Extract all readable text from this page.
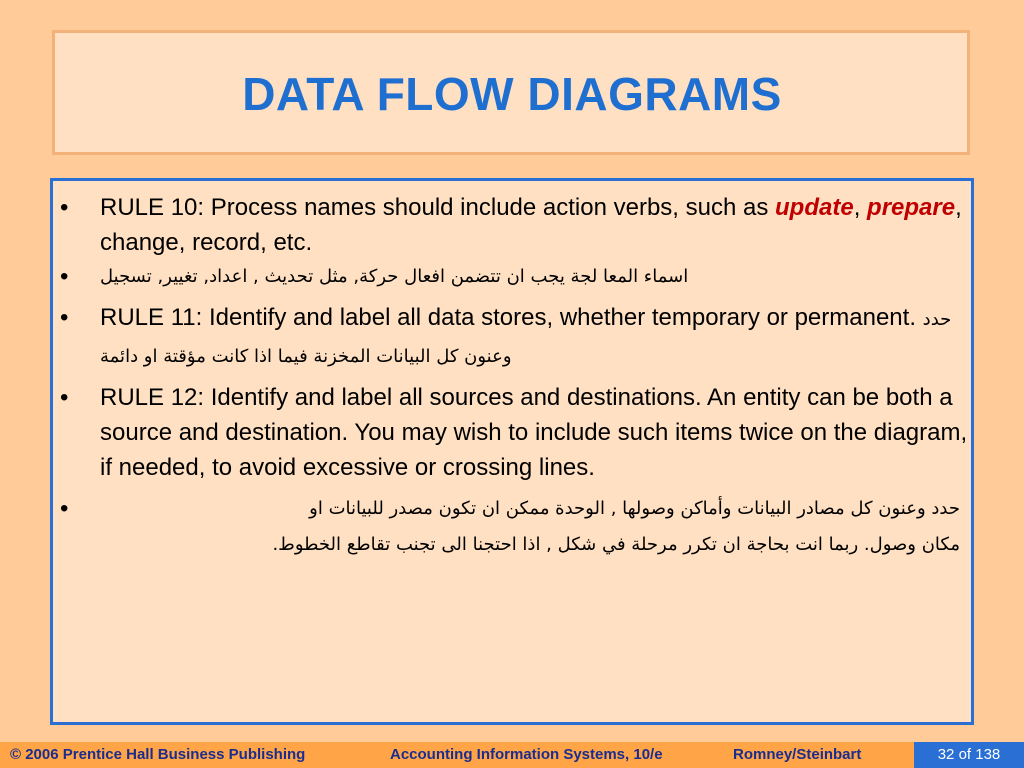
DATA FLOW DIAGRAMS
• RULE 10: Process names should include action verbs, such as update, prepare, change, record, etc.
• اسماء المعا لجة يجب ان تتضمن افعال حركة, مثل تحديث , اعداد, تغيير, تسجيل
• RULE 11: Identify and label all data stores, whether temporary or permanent. حدد وعنون كل البيانات المخزنة فيما اذا كانت مؤقتة او دائمة
• RULE 12: Identify and label all sources and destinations. An entity can be both a source and destination. You may wish to include such items twice on the diagram, if needed, to avoid excessive or crossing lines.
•	حدد وعنون كل مصادر البيانات وأماكن وصولها , الوحدة ممكن ان تكون مصدر للبيانات او
مكان وصول. ربما انت بحاجة ان تكرر مرحلة في شكل , اذا احتجنا الى تجنب تقاطع الخطوط.
© 2006 Prentice Hall Business Publishing	Accounting Information Systems, 10/e	Romney/Steinbart	32 of 138
